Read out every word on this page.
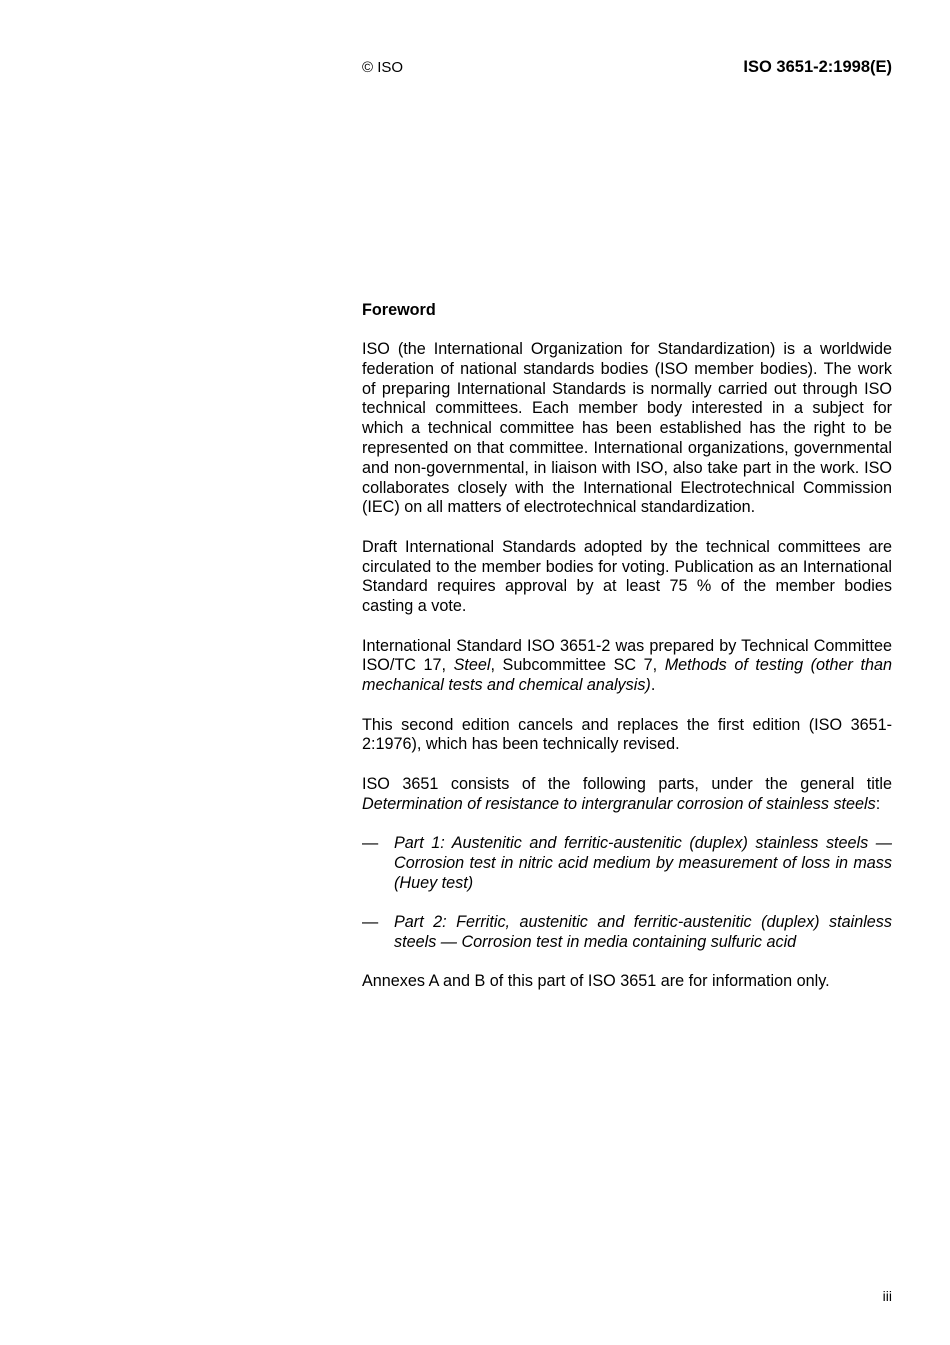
© ISO	ISO 3651-2:1998(E)
Foreword

ISO (the International Organization for Standardization) is a worldwide federation of national standards bodies (ISO member bodies). The work of preparing International Standards is normally carried out through ISO technical committees. Each member body interested in a subject for which a technical committee has been established has the right to be represented on that committee. International organizations, governmental and non-governmental, in liaison with ISO, also take part in the work. ISO collaborates closely with the International Electrotechnical Commission (IEC) on all matters of electrotechnical standardization.

Draft International Standards adopted by the technical committees are circulated to the member bodies for voting. Publication as an International Standard requires approval by at least 75 % of the member bodies casting a vote.

International Standard ISO 3651-2 was prepared by Technical Committee ISO/TC 17, Steel, Subcommittee SC 7, Methods of testing (other than mechanical tests and chemical analysis).

This second edition cancels and replaces the first edition (ISO 3651-2:1976), which has been technically revised.

ISO 3651 consists of the following parts, under the general title Determination of resistance to intergranular corrosion of stainless steels:

— Part 1: Austenitic and ferritic-austenitic (duplex) stainless steels — Corrosion test in nitric acid medium by measurement of loss in mass (Huey test)
— Part 2: Ferritic, austenitic and ferritic-austenitic (duplex) stainless steels — Corrosion test in media containing sulfuric acid

Annexes A and B of this part of ISO 3651 are for information only.

iii
